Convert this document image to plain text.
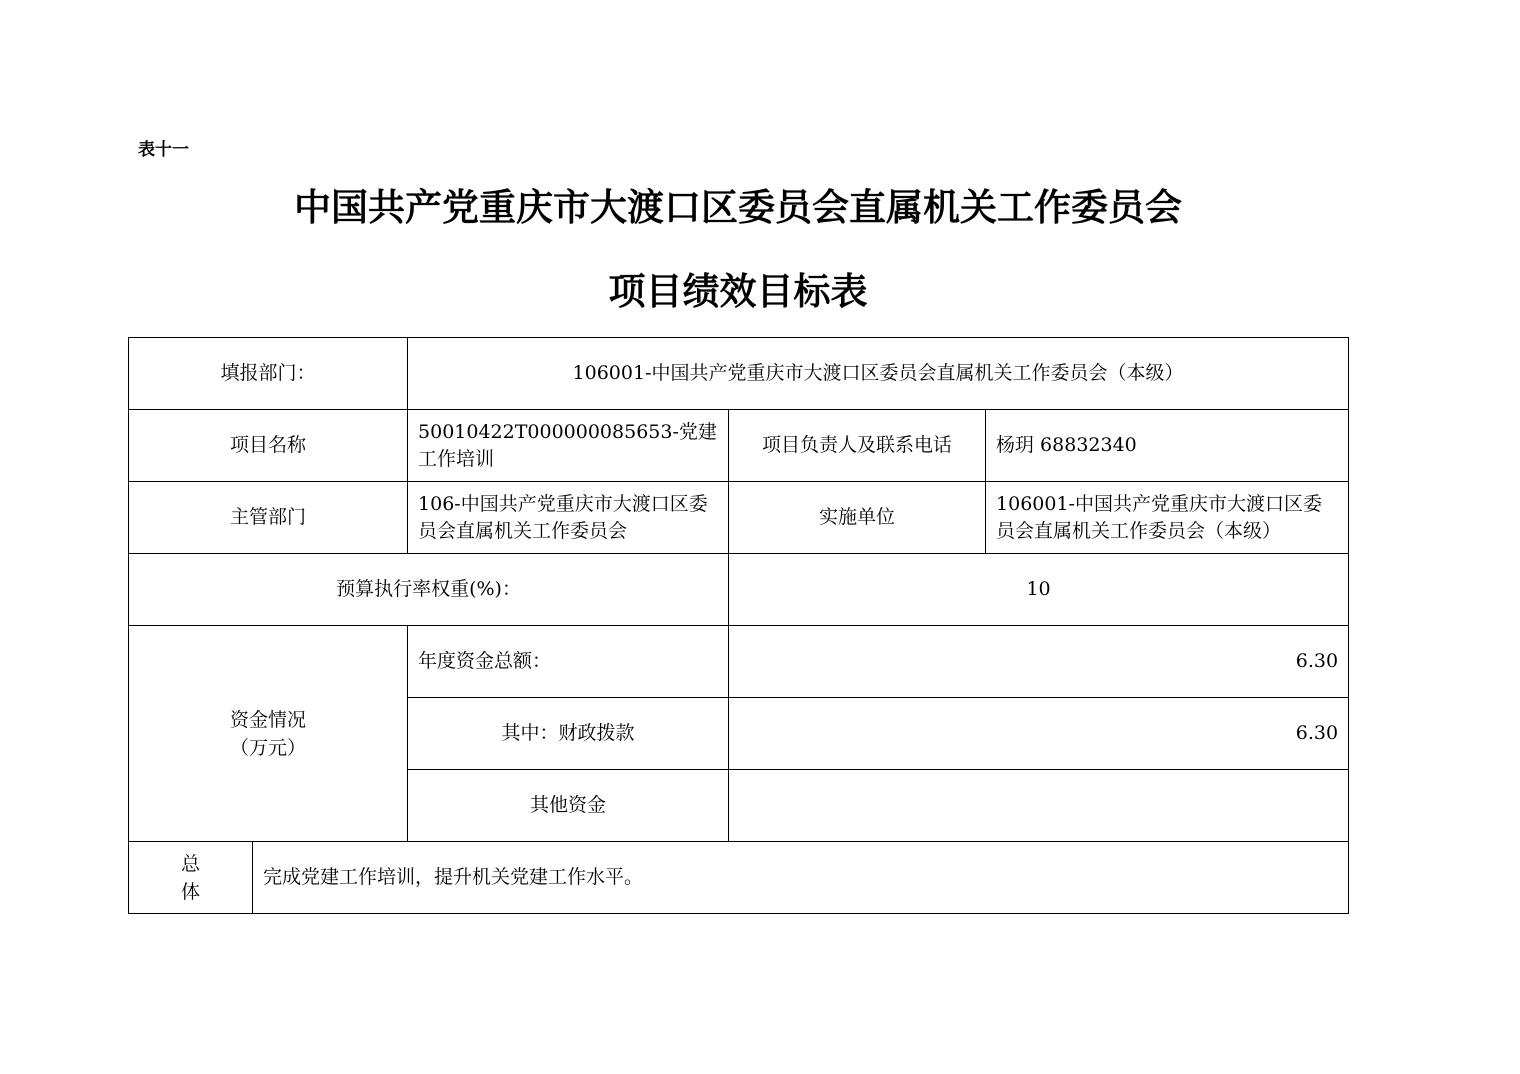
表十一
中国共产党重庆市大渡口区委员会直属机关工作委员会
项目绩效目标表
填报部门：		106001-中国共产党重庆市大渡口区委员会直属机关工作委员会（本级）		
项目名称		50010422T000000085653-党建工作培训	项目负责人及联系电话	杨玥 68832340
主管部门		106-中国共产党重庆市大渡口区委员会直属机关工作委员会	实施单位	106001-中国共产党重庆市大渡口区委员会直属机关工作委员会（本级）
预算执行率权重(%)：			10	

资金情况
（万元）		年度资金总额：	6.30	
		其中：财政拨款	6.30	
		其他资金		

总
体	完成党建工作培训，提升机关党建工作水平。			
